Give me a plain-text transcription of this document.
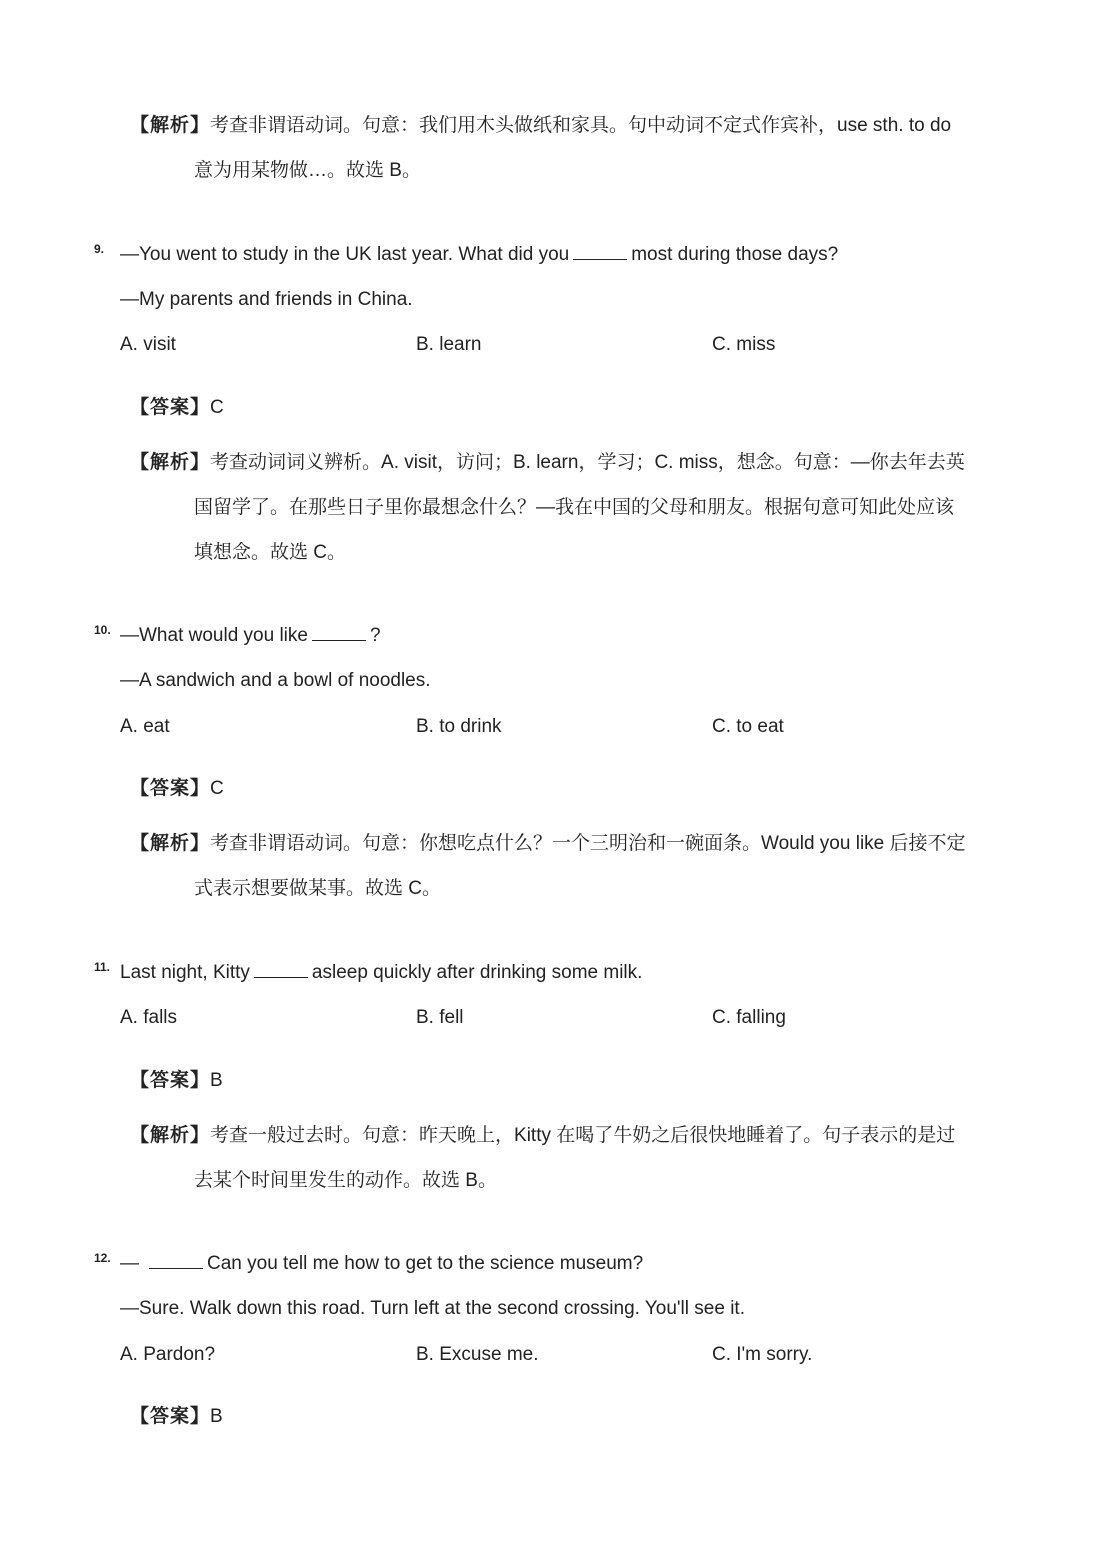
【解析】考查非谓语动词。句意：我们用木头做纸和家具。句中动词不定式作宾补，use sth. to do
意为用某物做…。故选 B。
9. —You went to study in the UK last year. What did you	most during those days?
—My parents and friends in China.
A. visit	B. learn	C. miss
【答案】C
【解析】考查动词词义辨析。A. visit，访问；B. learn，学习；C. miss，想念。句意：—你去年去英
国留学了。在那些日子里你最想念什么？—我在中国的父母和朋友。根据句意可知此处应该
填想念。故选 C。
10. —What would you like	?
—A sandwich and a bowl of noodles.
A. eat	B. to drink	C. to eat
【答案】C
【解析】考查非谓语动词。句意：你想吃点什么？一个三明治和一碗面条。Would you like 后接不定
式表示想要做某事。故选 C。
11. Last night, Kitty	asleep quickly after drinking some milk.
A. falls	B. fell	C. falling
【答案】B
【解析】考查一般过去时。句意：昨天晚上，Kitty 在喝了牛奶之后很快地睡着了。句子表示的是过
去某个时间里发生的动作。故选 B。
12. —	Can you tell me how to get to the science museum?
—Sure. Walk down this road. Turn left at the second crossing. You'll see it.
A. Pardon?	B. Excuse me.	C. I'm sorry.
【答案】B
